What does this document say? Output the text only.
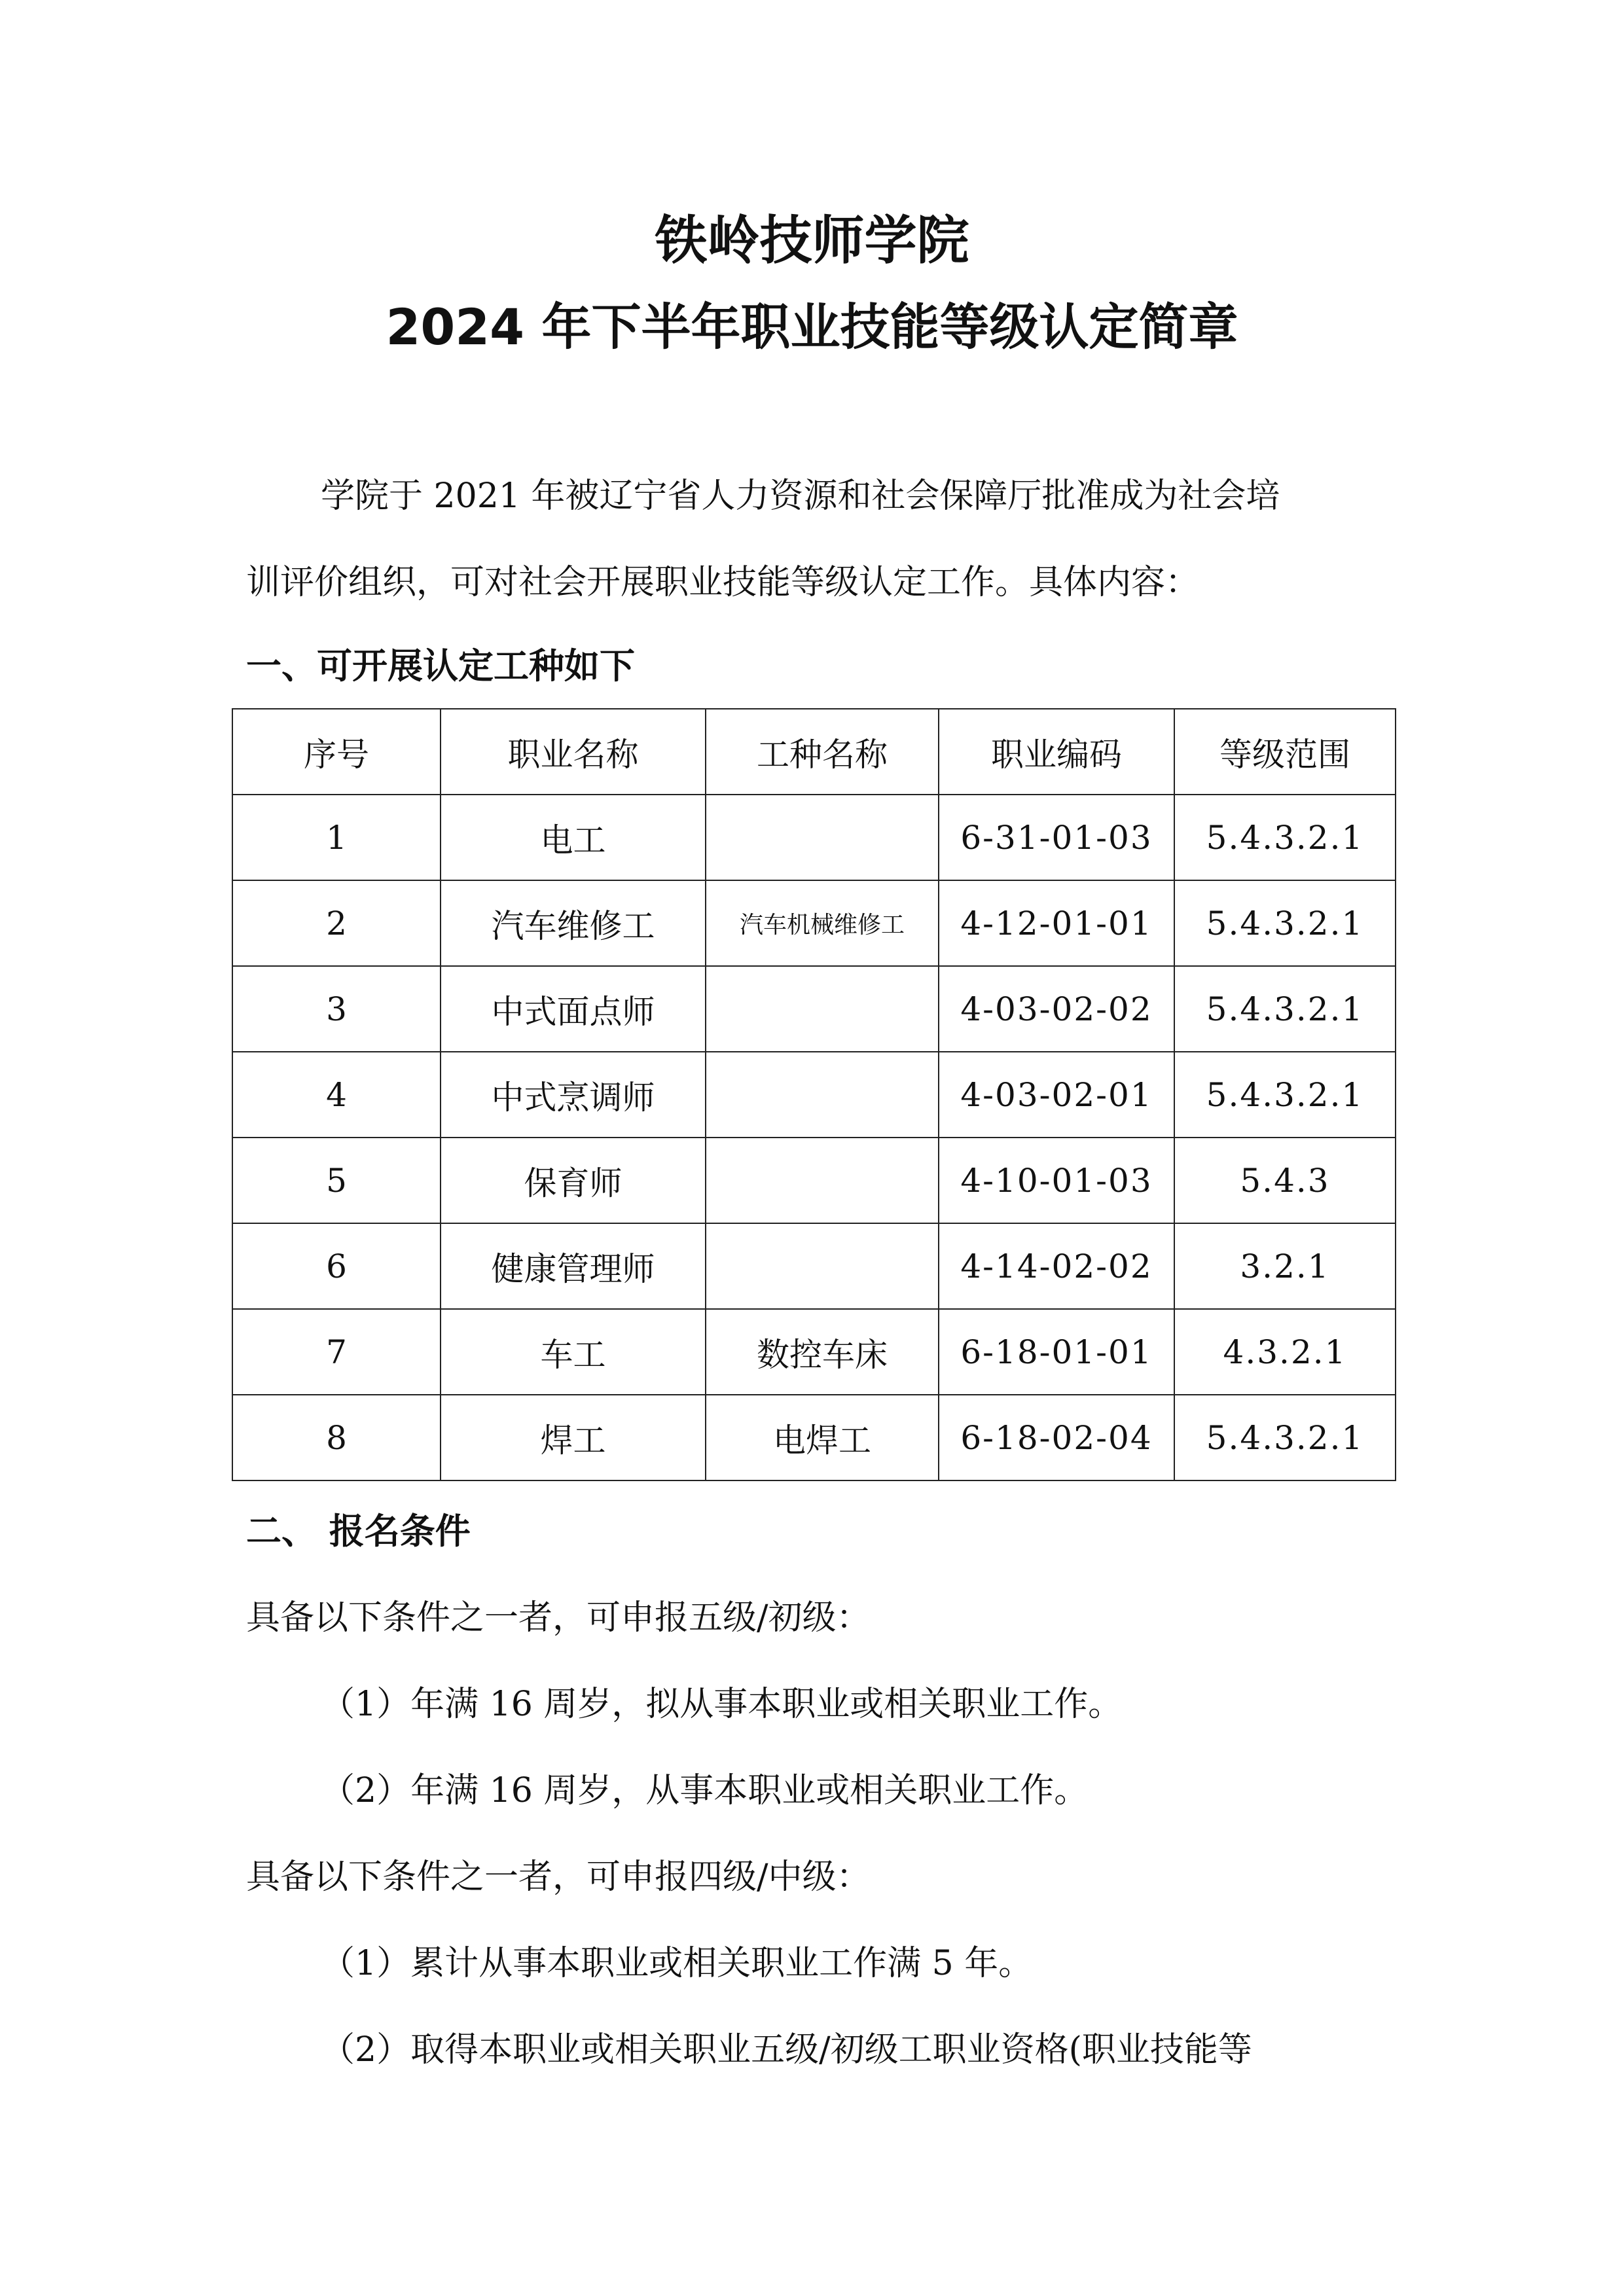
铁岭技师学院
2024 年下半年职业技能等级认定简章
学院于 2021 年被辽宁省人力资源和社会保障厅批准成为社会培
训评价组织，可对社会开展职业技能等级认定工作。具体内容：
一、可开展认定工种如下
序号	职业名称	工种名称	职业编码	等级范围
1	电工		6-31-01-03	5.4.3.2.1
2	汽车维修工	汽车机械维修工	4-12-01-01	5.4.3.2.1
3	中式面点师		4-03-02-02	5.4.3.2.1
4	中式烹调师		4-03-02-01	5.4.3.2.1
5	保育师		4-10-01-03	5.4.3
6	健康管理师		4-14-02-02	3.2.1
7	车工	数控车床	6-18-01-01	4.3.2.1
8	焊工	电焊工	6-18-02-04	5.4.3.2.1
二、 报名条件
具备以下条件之一者，可申报五级/初级：
（1）年满 16 周岁，拟从事本职业或相关职业工作。
（2）年满 16 周岁，从事本职业或相关职业工作。
具备以下条件之一者，可申报四级/中级：
（1）累计从事本职业或相关职业工作满 5 年。
（2）取得本职业或相关职业五级/初级工职业资格(职业技能等
